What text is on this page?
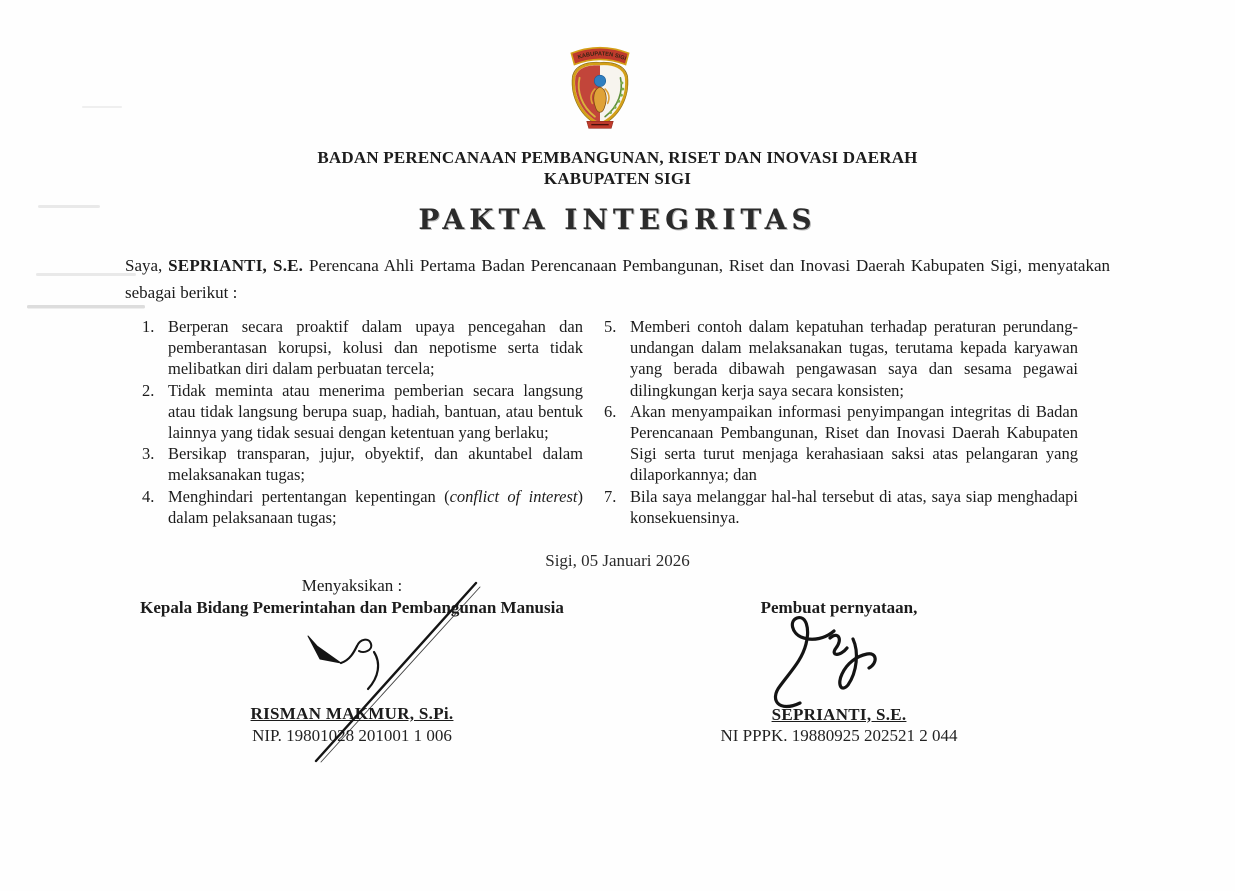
KABUPATEN SIGI
BADAN PERENCANAAN PEMBANGUNAN, RISET DAN INOVASI DAERAH
KABUPATEN SIGI
PAKTA INTEGRITAS
Saya, SEPRIANTI, S.E. Perencana Ahli Pertama Badan Perencanaan Pembangunan, Riset dan Inovasi Daerah Kabupaten Sigi, menyatakan sebagai berikut :
1. Berperan secara proaktif dalam upaya pencegahan dan pemberantasan korupsi, kolusi dan nepotisme serta tidak melibatkan diri dalam perbuatan tercela;
2. Tidak meminta atau menerima pemberian secara langsung atau tidak langsung berupa suap, hadiah, bantuan, atau bentuk lainnya yang tidak sesuai dengan ketentuan yang berlaku;
3. Bersikap transparan, jujur, obyektif, dan akuntabel dalam melaksanakan tugas;
4. Menghindari pertentangan kepentingan (conflict of interest) dalam pelaksanaan tugas;
5. Memberi contoh dalam kepatuhan terhadap peraturan perundang-undangan dalam melaksanakan tugas, terutama kepada karyawan yang berada dibawah pengawasan saya dan sesama pegawai dilingkungan kerja saya secara konsisten;
6. Akan menyampaikan informasi penyimpangan integritas di Badan Perencanaan Pembangunan, Riset dan Inovasi Daerah Kabupaten Sigi serta turut menjaga kerahasiaan saksi atas pelangaran yang dilaporkannya; dan
7. Bila saya melanggar hal-hal tersebut di atas, saya siap menghadapi konsekuensinya.
Sigi, 05 Januari 2026
Menyaksikan :
Kepala Bidang Pemerintahan dan Pembangunan Manusia
RISMAN MAKMUR, S.Pi.
NIP. 19801028 201001 1 006
Pembuat pernyataan,
SEPRIANTI, S.E.
NI PPPK. 19880925 202521 2 044
